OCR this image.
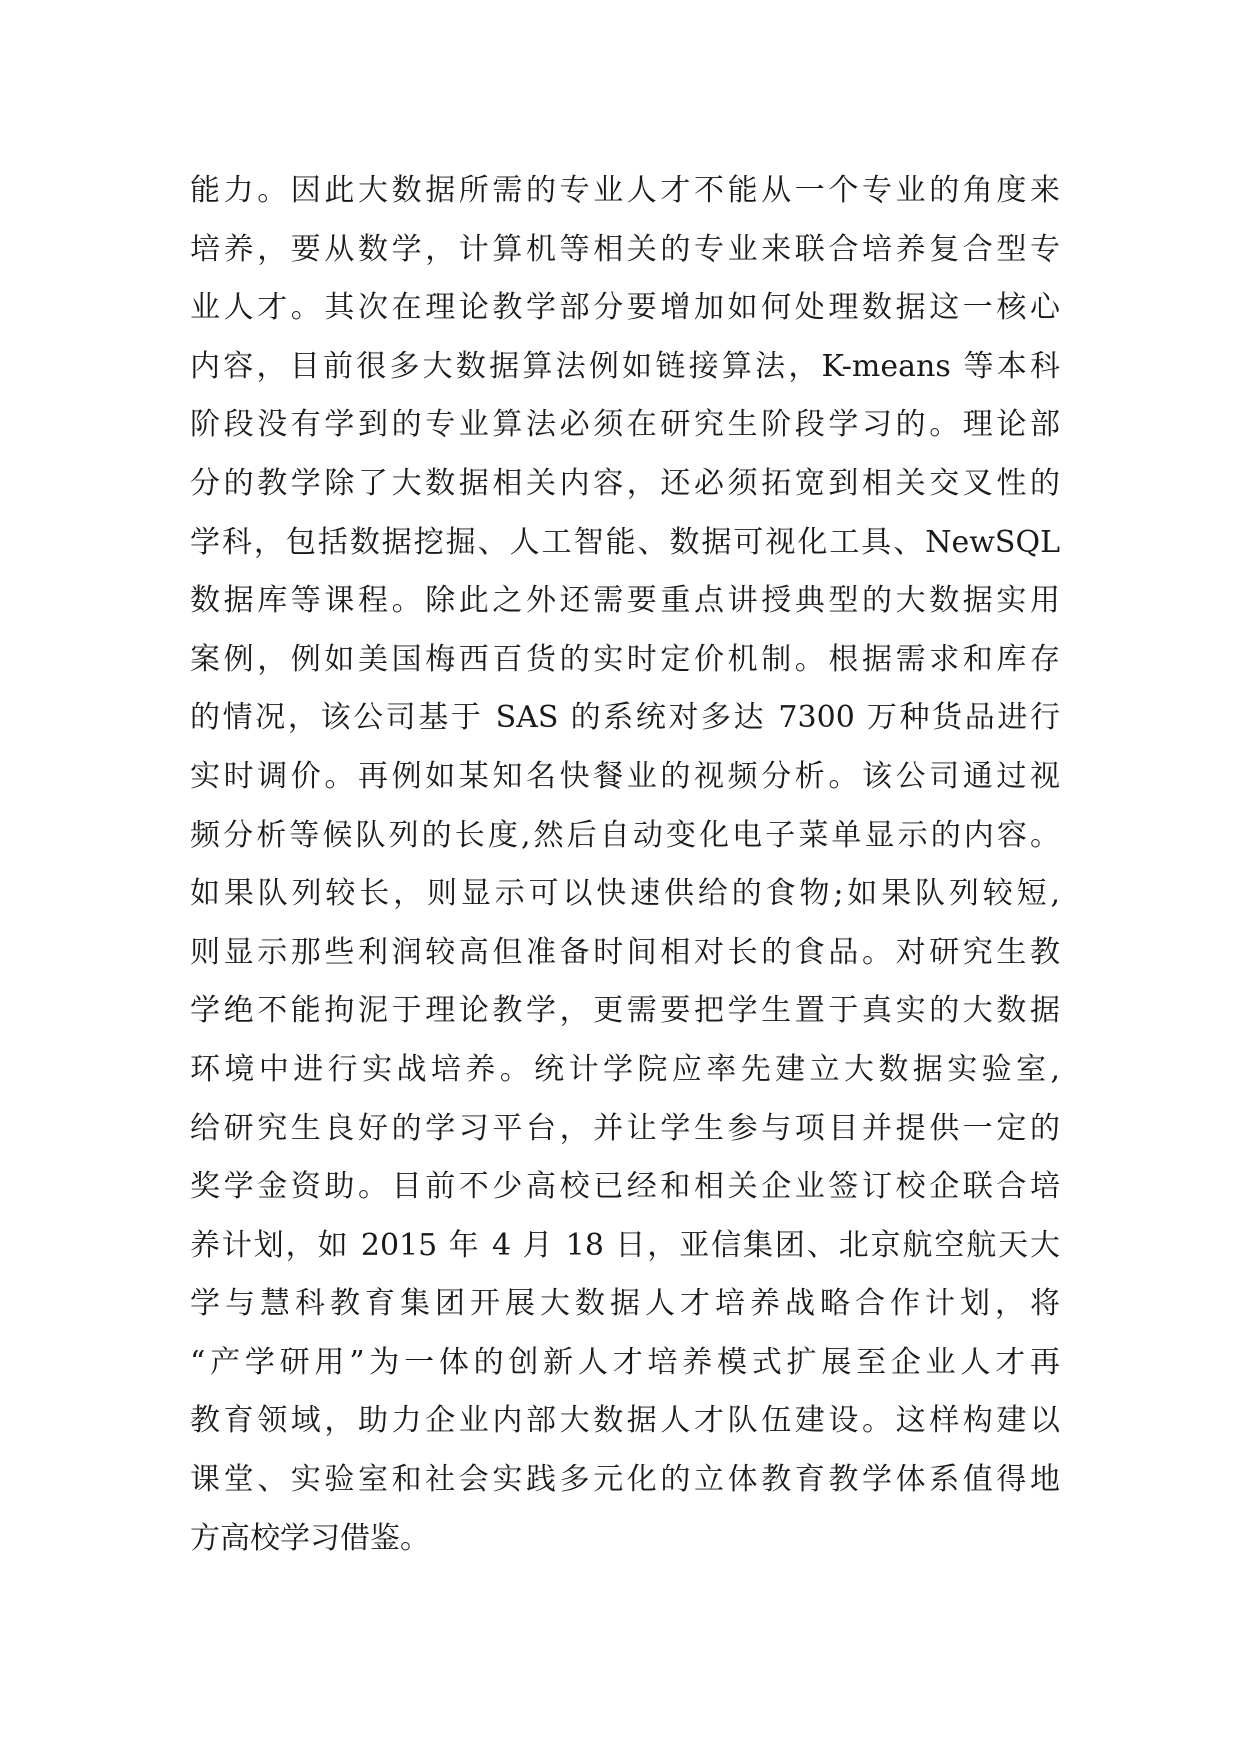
能力。因此大数据所需的专业人才不能从一个专业的角度来
培养，要从数学，计算机等相关的专业来联合培养复合型专
业人才。其次在理论教学部分要增加如何处理数据这一核心
内容，目前很多大数据算法例如链接算法，K-means 等本科
阶段没有学到的专业算法必须在研究生阶段学习的。理论部
分的教学除了大数据相关内容，还必须拓宽到相关交叉性的
学科，包括数据挖掘、人工智能、数据可视化工具、NewSQL
数据库等课程。除此之外还需要重点讲授典型的大数据实用
案例，例如美国梅西百货的实时定价机制。根据需求和库存
的情况，该公司基于 SAS 的系统对多达 7300 万种货品进行
实时调价。再例如某知名快餐业的视频分析。该公司通过视
频分析等候队列的长度,然后自动变化电子菜单显示的内容。
如果队列较长，则显示可以快速供给的食物;如果队列较短,
则显示那些利润较高但准备时间相对长的食品。对研究生教
学绝不能拘泥于理论教学，更需要把学生置于真实的大数据
环境中进行实战培养。统计学院应率先建立大数据实验室,
给研究生良好的学习平台，并让学生参与项目并提供一定的
奖学金资助。目前不少高校已经和相关企业签订校企联合培
养计划，如 2015 年 4 月 18 日，亚信集团、北京航空航天大
学与慧科教育集团开展大数据人才培养战略合作计划，将
“产学研用”为一体的创新人才培养模式扩展至企业人才再
教育领域，助力企业内部大数据人才队伍建设。这样构建以
课堂、实验室和社会实践多元化的立体教育教学体系值得地
方高校学习借鉴。
